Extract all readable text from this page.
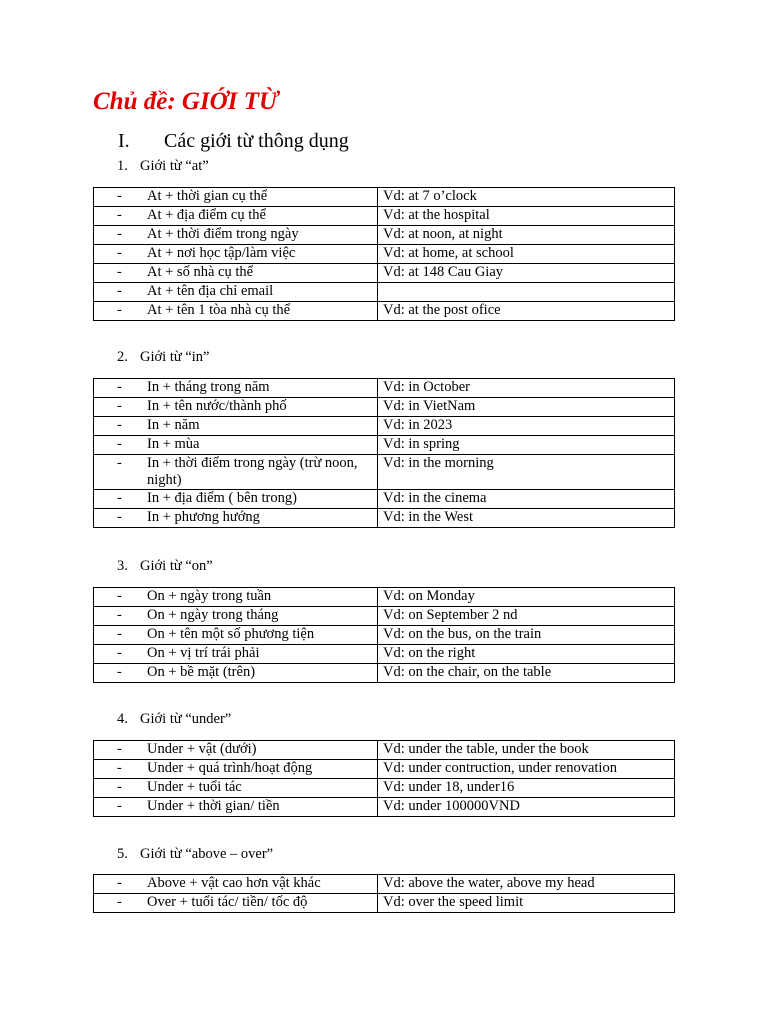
Chủ đề: GIỚI TỪ
I. Các giới từ thông dụng
1. Giới từ “at”
- At + thời gian cụ thể	Vd: at 7 o’clock

- At + địa điểm cụ thể	Vd: at the hospital

- At + thời điểm trong ngày	Vd: at noon, at night

- At + nơi học tập/làm việc	Vd: at home, at school

- At + số nhà cụ thể	Vd: at 148 Cau Giay

- At + tên địa chỉ email	

- At + tên 1 tòa nhà cụ thể	Vd: at the post ofice
2. Giới từ “in”
- In + tháng trong năm	Vd: in October

- In + tên nước/thành phố	Vd: in VietNam

- In + năm	Vd: in 2023

- In + mùa	Vd: in spring

- In + thời điểm trong ngày (trừ noon, night)	Vd: in the morning

- In + địa điểm ( bên trong)	Vd: in the cinema

- In + phương hướng	Vd: in the West
3. Giới từ “on”
- On + ngày trong tuần	Vd: on Monday

- On + ngày trong tháng	Vd: on September 2 nd

- On + tên một số phương tiện	Vd: on the bus, on the train

- On + vị trí trái phải	Vd: on the right

- On + bề mặt (trên)	Vd: on the chair, on the table
4. Giới từ “under”
- Under + vật (dưới)	Vd: under the table, under the book

- Under + quá trình/hoạt động	Vd: under contruction, under renovation

- Under + tuổi tác	Vd: under 18, under16

- Under + thời gian/ tiền	Vd: under 100000VND
5. Giới từ “above – over”
- Above + vật cao hơn vật khác	Vd: above the water, above my head

- Over + tuổi tác/ tiền/ tốc độ	Vd: over the speed limit
